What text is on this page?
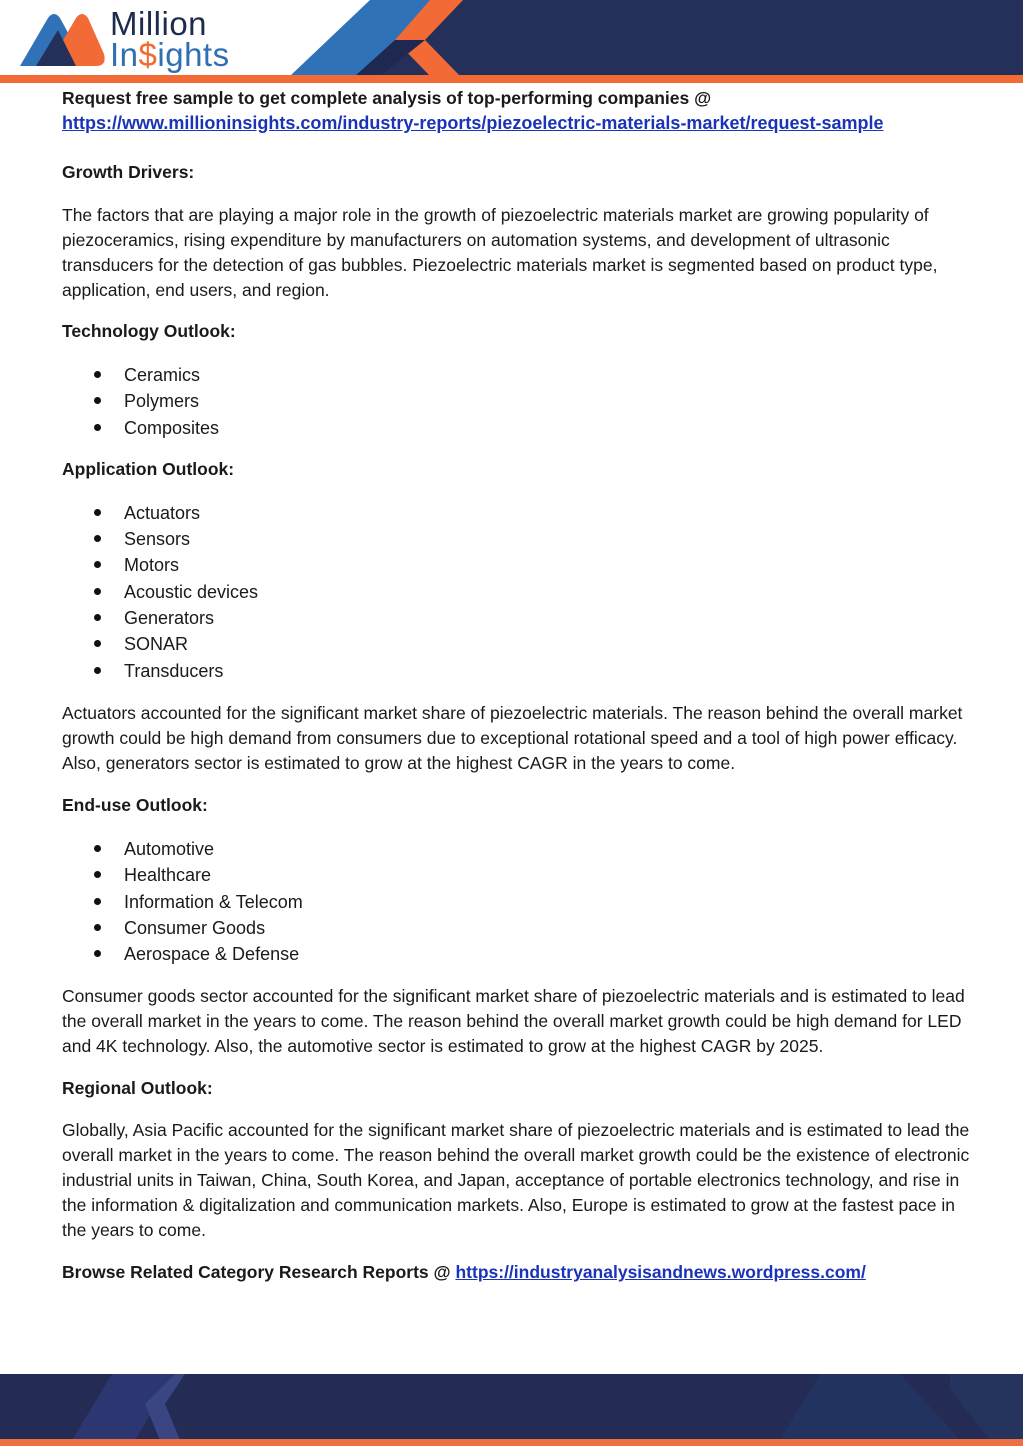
Million
In$ights

Request free sample to get complete analysis of top-performing companies @

https://www.millioninsights.com/industry-reports/piezoelectric-materials-market/request-sample

Growth Drivers:

The factors that are playing a major role in the growth of piezoelectric materials market are growing popularity of piezoceramics, rising expenditure by manufacturers on automation systems, and development of ultrasonic transducers for the detection of gas bubbles. Piezoelectric materials market is segmented based on product type, application, end users, and region.

Technology Outlook:

Ceramics
Polymers
Composites

Application Outlook:

Actuators
Sensors
Motors
Acoustic devices
Generators
SONAR
Transducers

Actuators accounted for the significant market share of piezoelectric materials. The reason behind the overall market growth could be high demand from consumers due to exceptional rotational speed and a tool of high power efficacy. Also, generators sector is estimated to grow at the highest CAGR in the years to come.

End-use Outlook:

Automotive
Healthcare
Information & Telecom
Consumer Goods
Aerospace & Defense

Consumer goods sector accounted for the significant market share of piezoelectric materials and is estimated to lead the overall market in the years to come. The reason behind the overall market growth could be high demand for LED and 4K technology. Also, the automotive sector is estimated to grow at the highest CAGR by 2025.

Regional Outlook:

Globally, Asia Pacific accounted for the significant market share of piezoelectric materials and is estimated to lead the overall market in the years to come. The reason behind the overall market growth could be the existence of electronic industrial units in Taiwan, China, South Korea, and Japan, acceptance of portable electronics technology, and rise in the information & digitalization and communication markets. Also, Europe is estimated to grow at the fastest pace in the years to come.

Browse Related Category Research Reports @ https://industryanalysisandnews.wordpress.com/
